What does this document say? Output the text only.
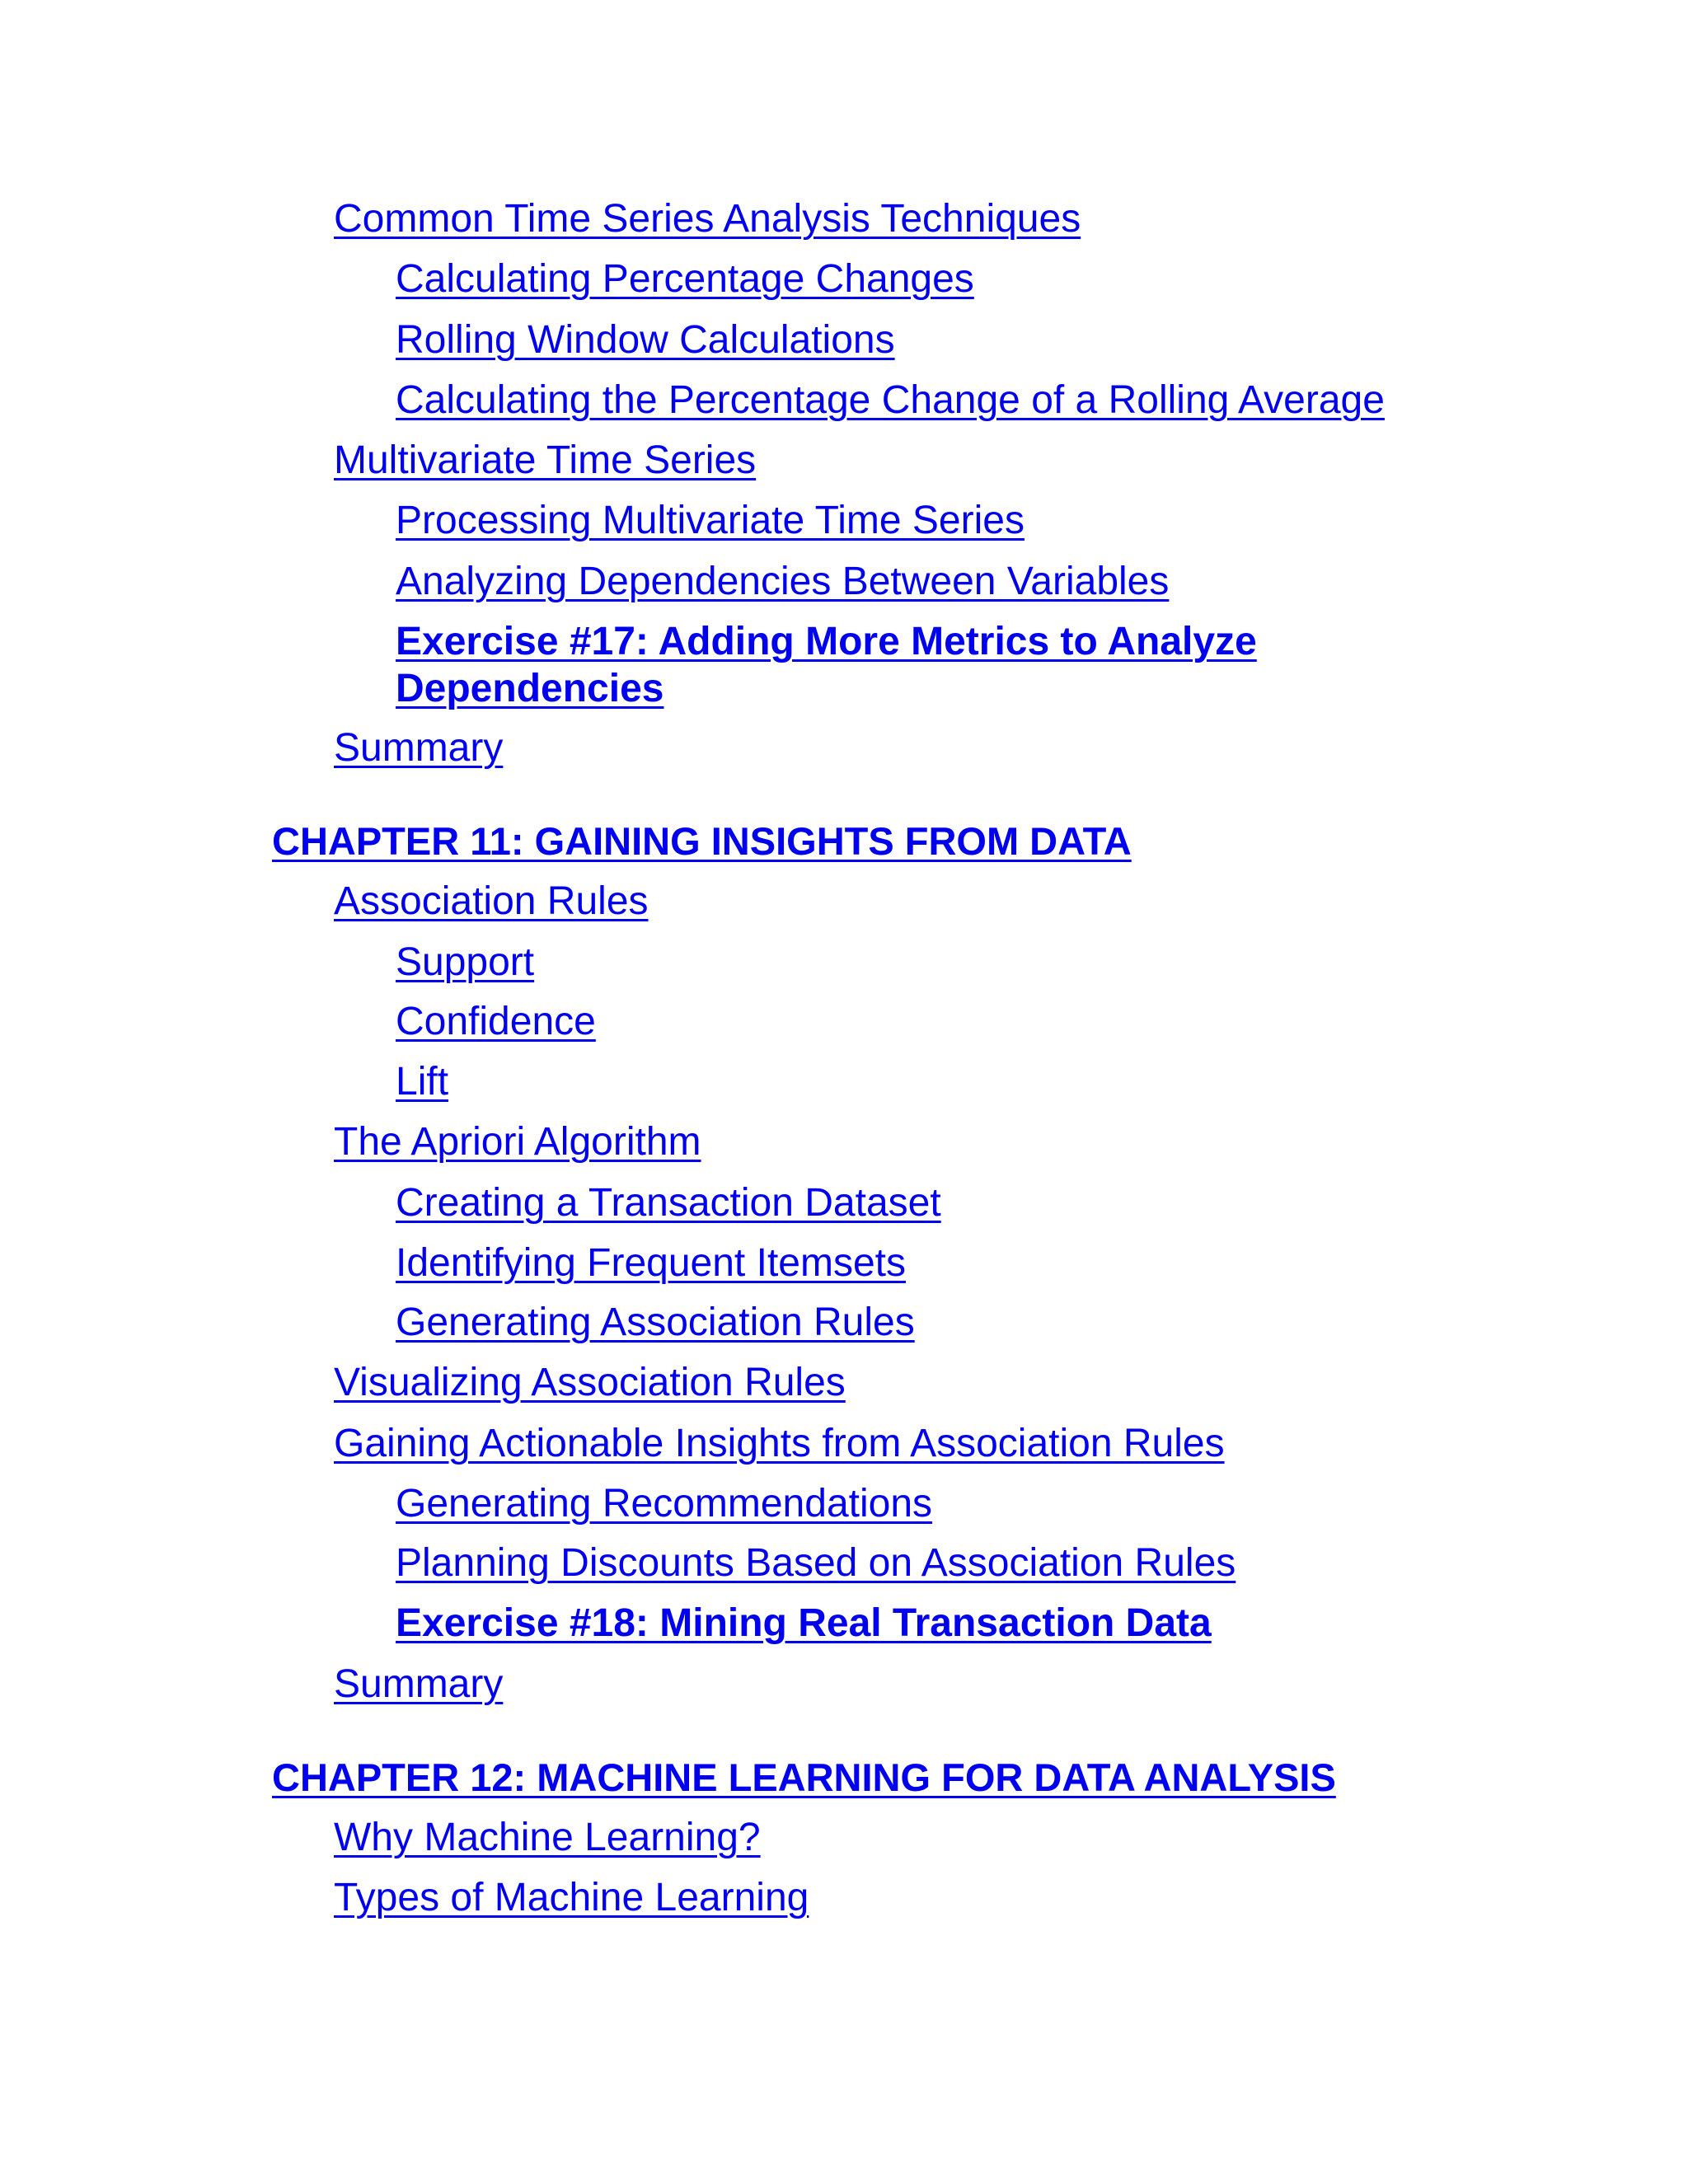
Common Time Series Analysis Techniques
Calculating Percentage Changes
Rolling Window Calculations
Calculating the Percentage Change of a Rolling Average
Multivariate Time Series
Processing Multivariate Time Series
Analyzing Dependencies Between Variables
Exercise #17: Adding More Metrics to Analyze Dependencies
Summary
CHAPTER 11: GAINING INSIGHTS FROM DATA
Association Rules
Support
Confidence
Lift
The Apriori Algorithm
Creating a Transaction Dataset
Identifying Frequent Itemsets
Generating Association Rules
Visualizing Association Rules
Gaining Actionable Insights from Association Rules
Generating Recommendations
Planning Discounts Based on Association Rules
Exercise #18: Mining Real Transaction Data
Summary
CHAPTER 12: MACHINE LEARNING FOR DATA ANALYSIS
Why Machine Learning?
Types of Machine Learning
